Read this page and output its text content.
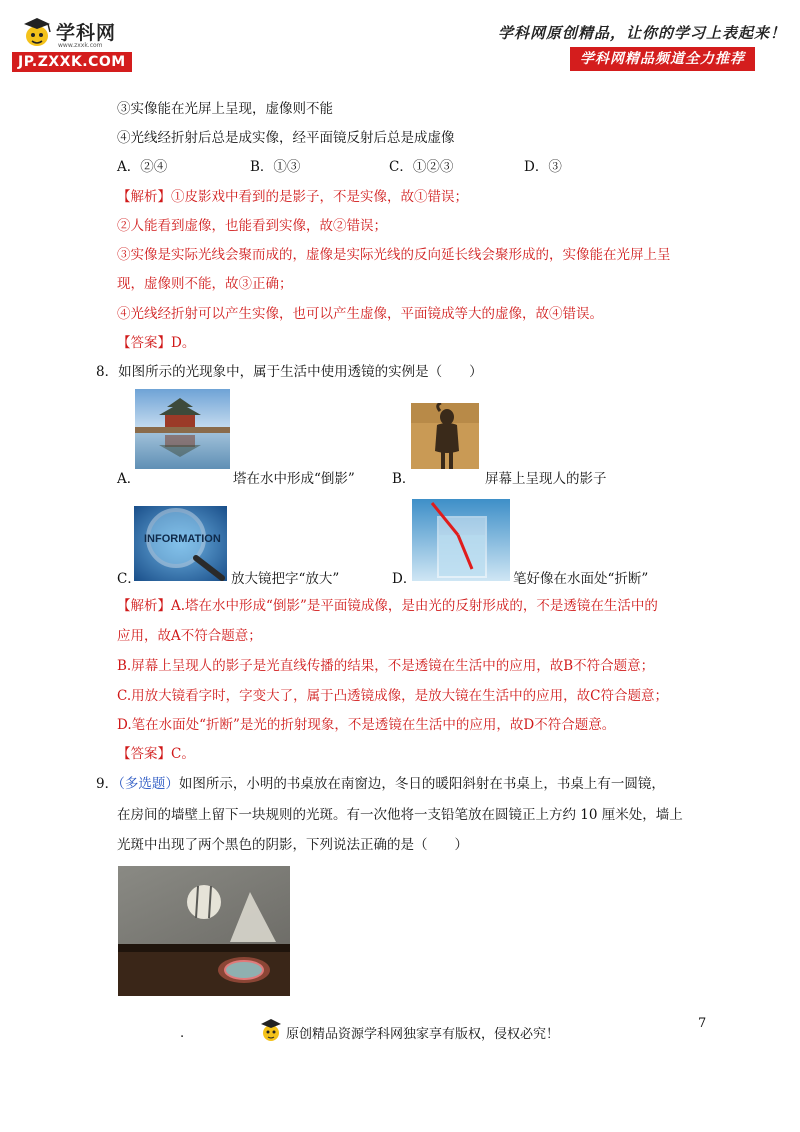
学科网
www.zxxk.com
JP.ZXXK.COM
学科网原创精品，让你的学习上表起来！
学科网精品频道全力推荐
③实像能在光屏上呈现，虚像则不能
④光线经折射后总是成实像，经平面镜反射后总是成虚像
A．②④	B．①③	C．①②③	D．③
【解析】①皮影戏中看到的是影子，不是实像，故①错误；
②人能看到虚像，也能看到实像，故②错误；
③实像是实际光线会聚而成的，虚像是实际光线的反向延长线会聚形成的，实像能在光屏上呈
现，虚像则不能，故③正确；
④光线经折射可以产生实像，也可以产生虚像，平面镜成等大的虚像，故④错误。
【答案】D。
8．如图所示的光现象中，属于生活中使用透镜的实例是（　　）
A．	塔在水中形成“倒影”	B．	屏幕上呈现人的影子
INFORMATION
C．	放大镜把字“放大”	D．	笔好像在水面处“折断”
【解析】A.塔在水中形成“倒影”是平面镜成像，是由光的反射形成的，不是透镜在生活中的
应用，故A不符合题意；
B.屏幕上呈现人的影子是光直线传播的结果，不是透镜在生活中的应用，故B不符合题意；
C.用放大镜看字时，字变大了，属于凸透镜成像，是放大镜在生活中的应用，故C符合题意；
D.笔在水面处“折断”是光的折射现象，不是透镜在生活中的应用，故D不符合题意。
【答案】C。
9．（多选题）如图所示，小明的书桌放在南窗边，冬日的暖阳斜射在书桌上，书桌上有一圆镜，
在房间的墙壁上留下一块规则的光斑。有一次他将一支铅笔放在圆镜正上方约 10 厘米处，墙上
光斑中出现了两个黑色的阴影，下列说法正确的是（　　）
7
.	原创精品资源学科网独家享有版权，侵权必究！
